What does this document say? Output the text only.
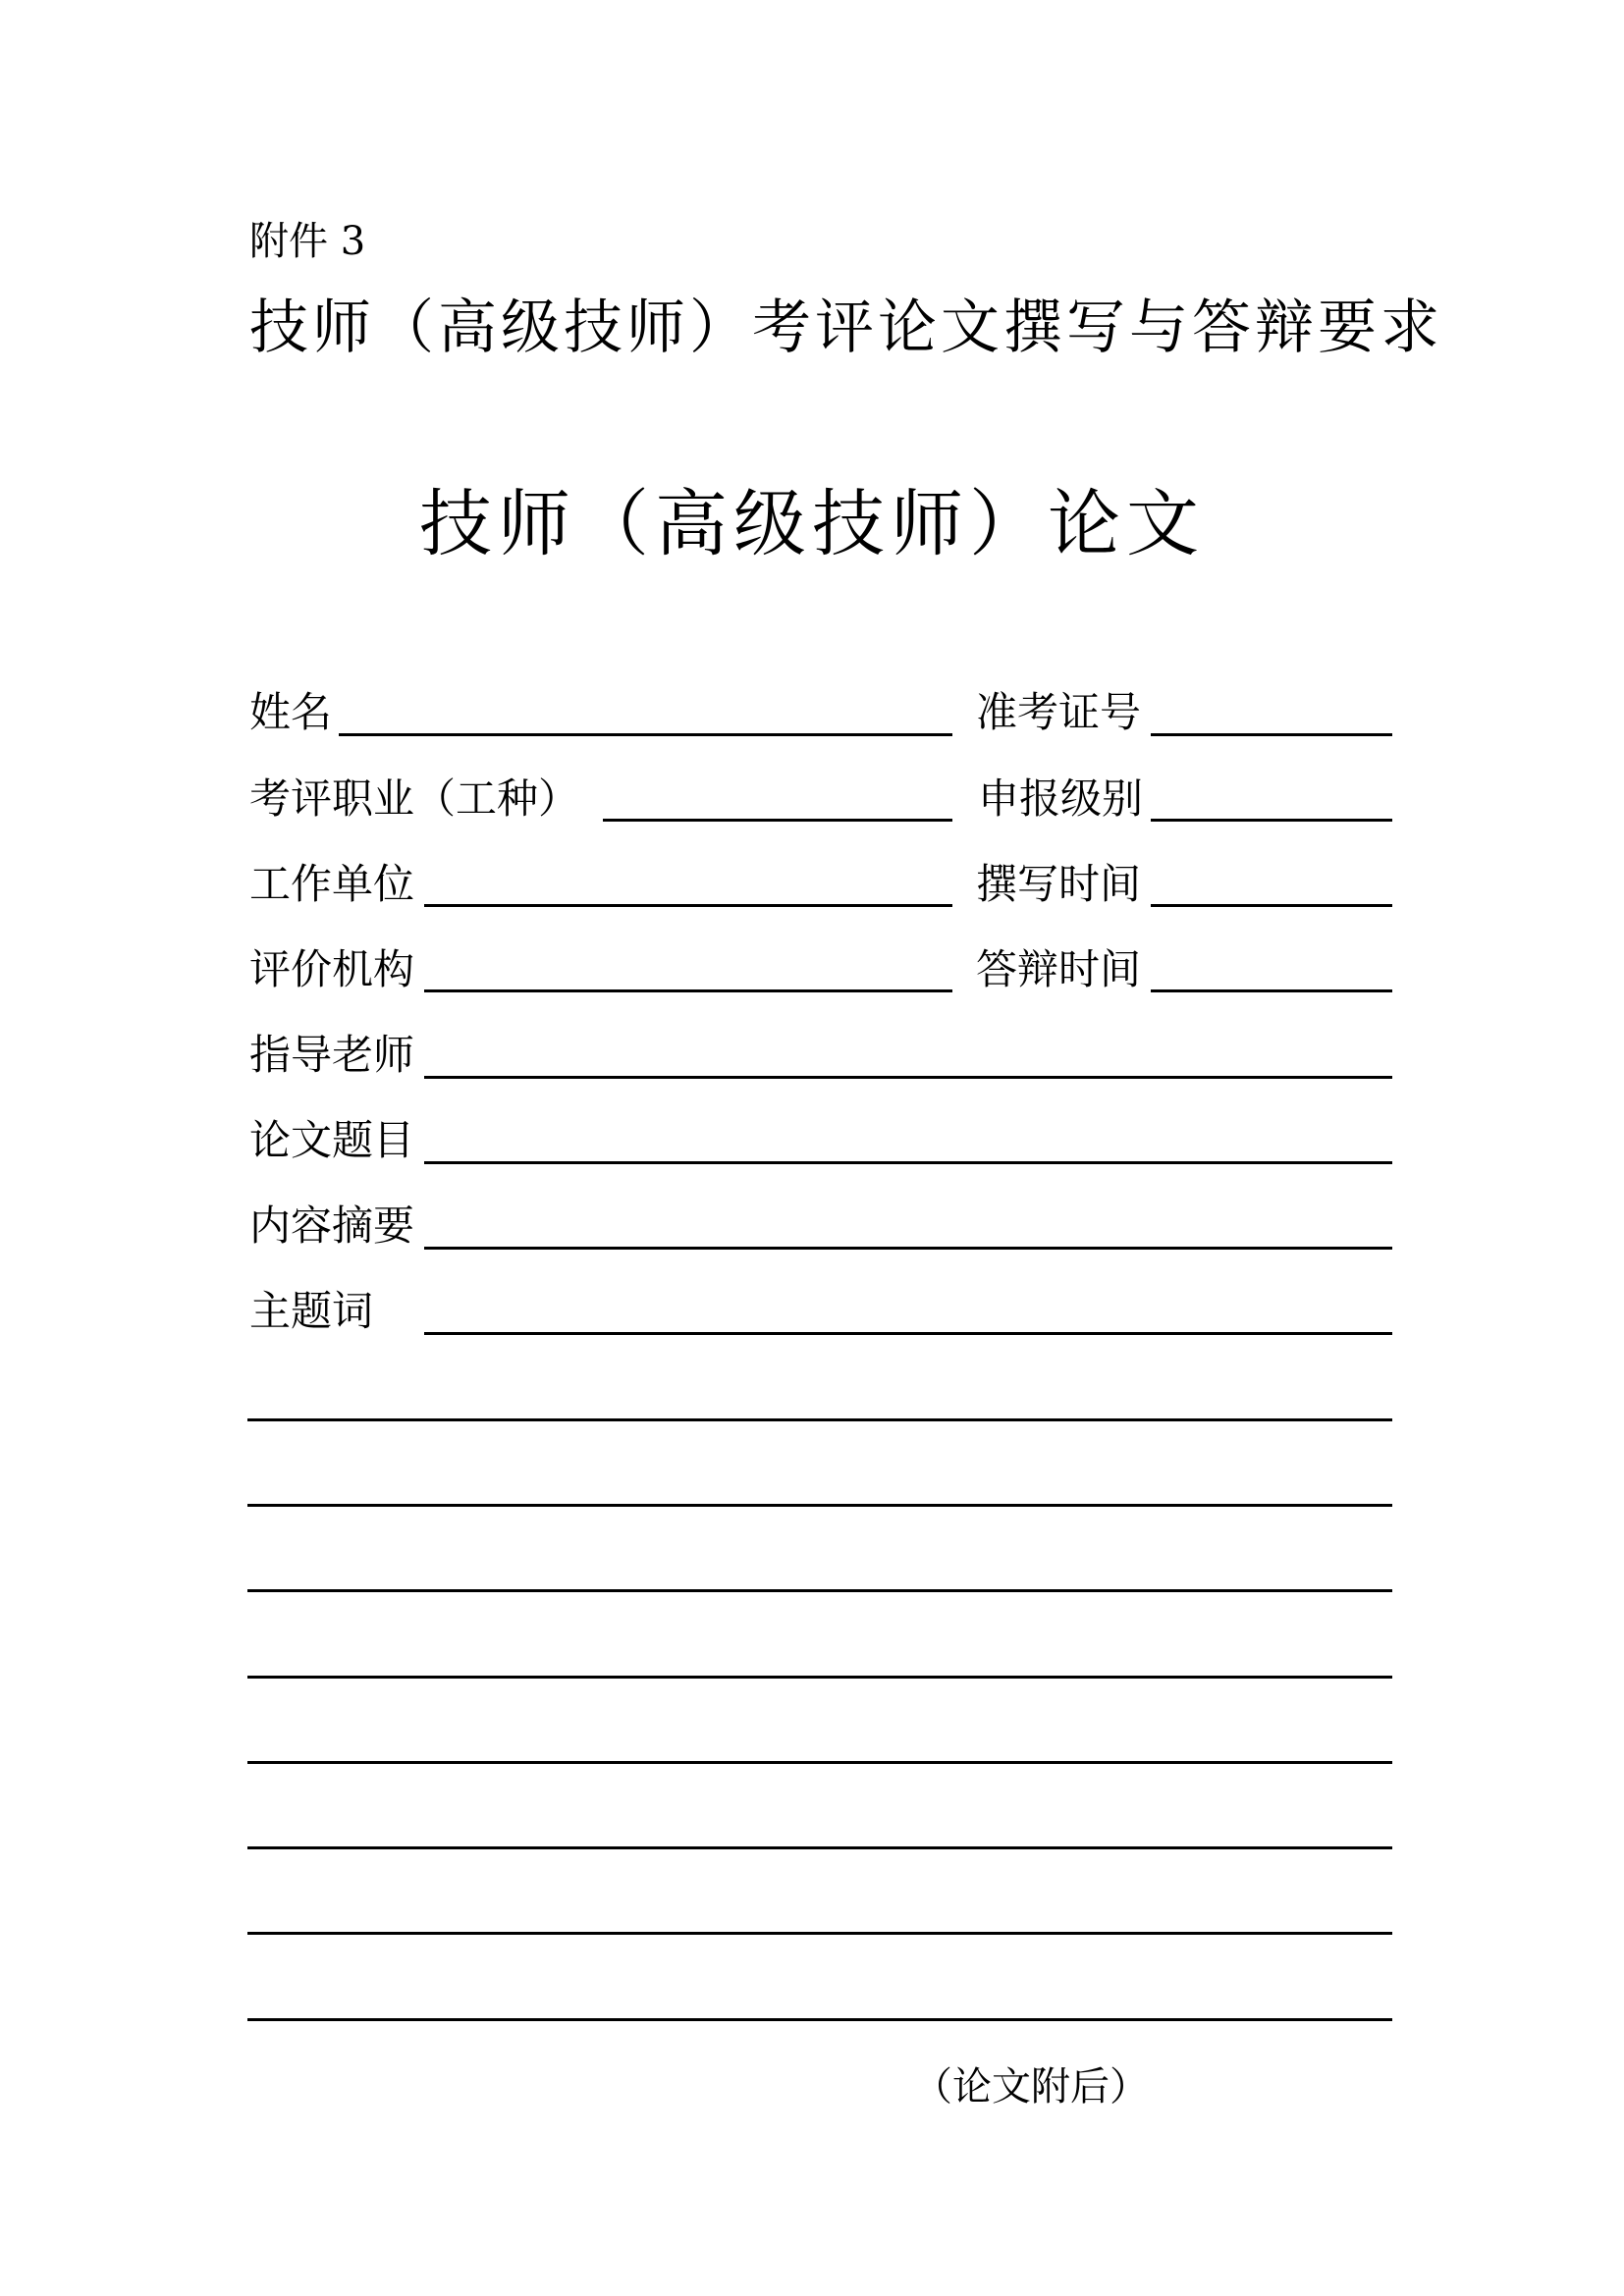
附件 3
技师（高级技师）考评论文撰写与答辩要求
技师（高级技师）论文
姓名	准考证号
考评职业（工种）	申报级别
工作单位	撰写时间
评价机构	答辩时间
指导老师
论文题目
内容摘要
主题词
（论文附后）
